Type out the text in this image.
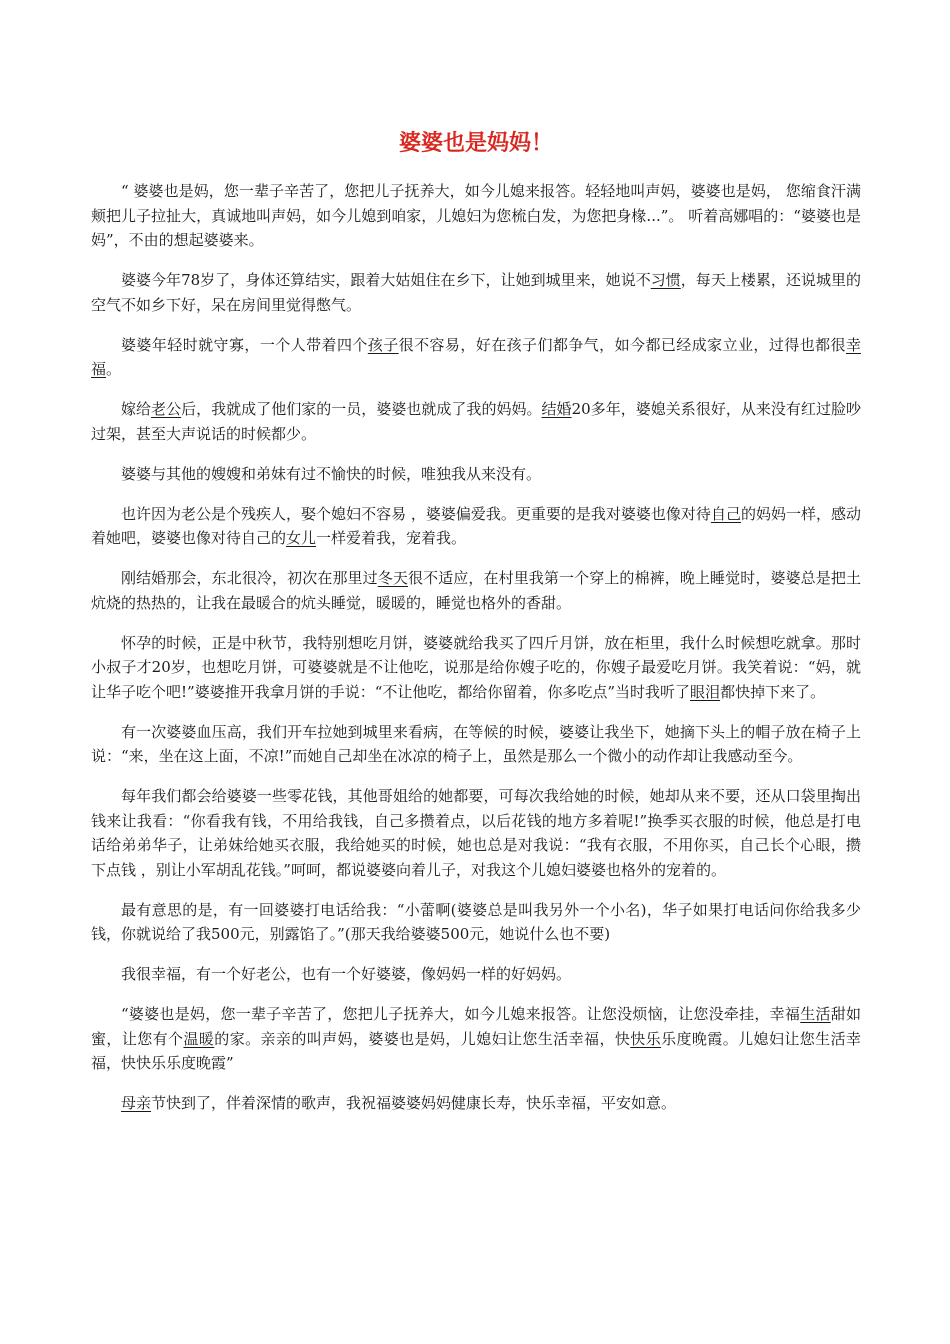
婆婆也是妈妈！

“ 婆婆也是妈，您一辈子辛苦了，您把儿子抚养大，如今儿媳来报答。轻轻地叫声妈，婆婆也是妈， 您缩食汗满颊把儿子拉扯大，真诚地叫声妈，如今儿媳到咱家，儿媳妇为您梳白发，为您把身椽...”。 听着高娜唱的：“婆婆也是妈”，不由的想起婆婆来。

婆婆今年78岁了，身体还算结实，跟着大姑姐住在乡下，让她到城里来，她说不习惯，每天上楼累，还说城里的空气不如乡下好，呆在房间里觉得憋气。

婆婆年轻时就守寡，一个人带着四个孩子很不容易，好在孩子们都争气，如今都已经成家立业，过得也都很幸福。

嫁给老公后，我就成了他们家的一员，婆婆也就成了我的妈妈。结婚20多年，婆媳关系很好，从来没有红过脸吵过架，甚至大声说话的时候都少。

婆婆与其他的嫂嫂和弟妹有过不愉快的时候，唯独我从来没有。

也许因为老公是个残疾人，娶个媳妇不容易 ，婆婆偏爱我。更重要的是我对婆婆也像对待自己的妈妈一样，感动着她吧，婆婆也像对待自己的女儿一样爱着我，宠着我。

刚结婚那会，东北很冷，初次在那里过冬天很不适应，在村里我第一个穿上的棉裤，晚上睡觉时，婆婆总是把土炕烧的热热的，让我在最暖合的炕头睡觉，暖暖的，睡觉也格外的香甜。

怀孕的时候，正是中秋节，我特别想吃月饼，婆婆就给我买了四斤月饼，放在柜里，我什么时候想吃就拿。那时小叔子才20岁，也想吃月饼，可婆婆就是不让他吃，说那是给你嫂子吃的，你嫂子最爱吃月饼。我笑着说：“妈，就让华子吃个吧!”婆婆推开我拿月饼的手说：“不让他吃，都给你留着，你多吃点”当时我听了眼泪都快掉下来了。

有一次婆婆血压高，我们开车拉她到城里来看病，在等候的时候，婆婆让我坐下，她摘下头上的帽子放在椅子上说：“来，坐在这上面，不凉!”而她自己却坐在冰凉的椅子上，虽然是那么一个微小的动作却让我感动至今。

每年我们都会给婆婆一些零花钱，其他哥姐给的她都要，可每次我给她的时候，她却从来不要，还从口袋里掏出钱来让我看：“你看我有钱，不用给我钱，自己多攒着点，以后花钱的地方多着呢!”换季买衣服的时候，他总是打电话给弟弟华子，让弟妹给她买衣服，我给她买的时候，她也总是对我说：“我有衣服，不用你买，自己长个心眼，攒下点钱 ，别让小军胡乱花钱。”呵呵，都说婆婆向着儿子，对我这个儿媳妇婆婆也格外的宠着的。

最有意思的是，有一回婆婆打电话给我：“小蕾啊(婆婆总是叫我另外一个小名)，华子如果打电话问你给我多少钱，你就说给了我500元，别露馅了。”(那天我给婆婆500元，她说什么也不要)

我很幸福，有一个好老公，也有一个好婆婆，像妈妈一样的好妈妈。

“婆婆也是妈，您一辈子辛苦了，您把儿子抚养大，如今儿媳来报答。让您没烦恼，让您没牵挂，幸福生活甜如蜜，让您有个温暖的家。亲亲的叫声妈，婆婆也是妈，儿媳妇让您生活幸福，快快乐乐度晚霞。儿媳妇让您生活幸福，快快乐乐度晚霞”

母亲节快到了，伴着深情的歌声，我祝福婆婆妈妈健康长寿，快乐幸福，平安如意。
